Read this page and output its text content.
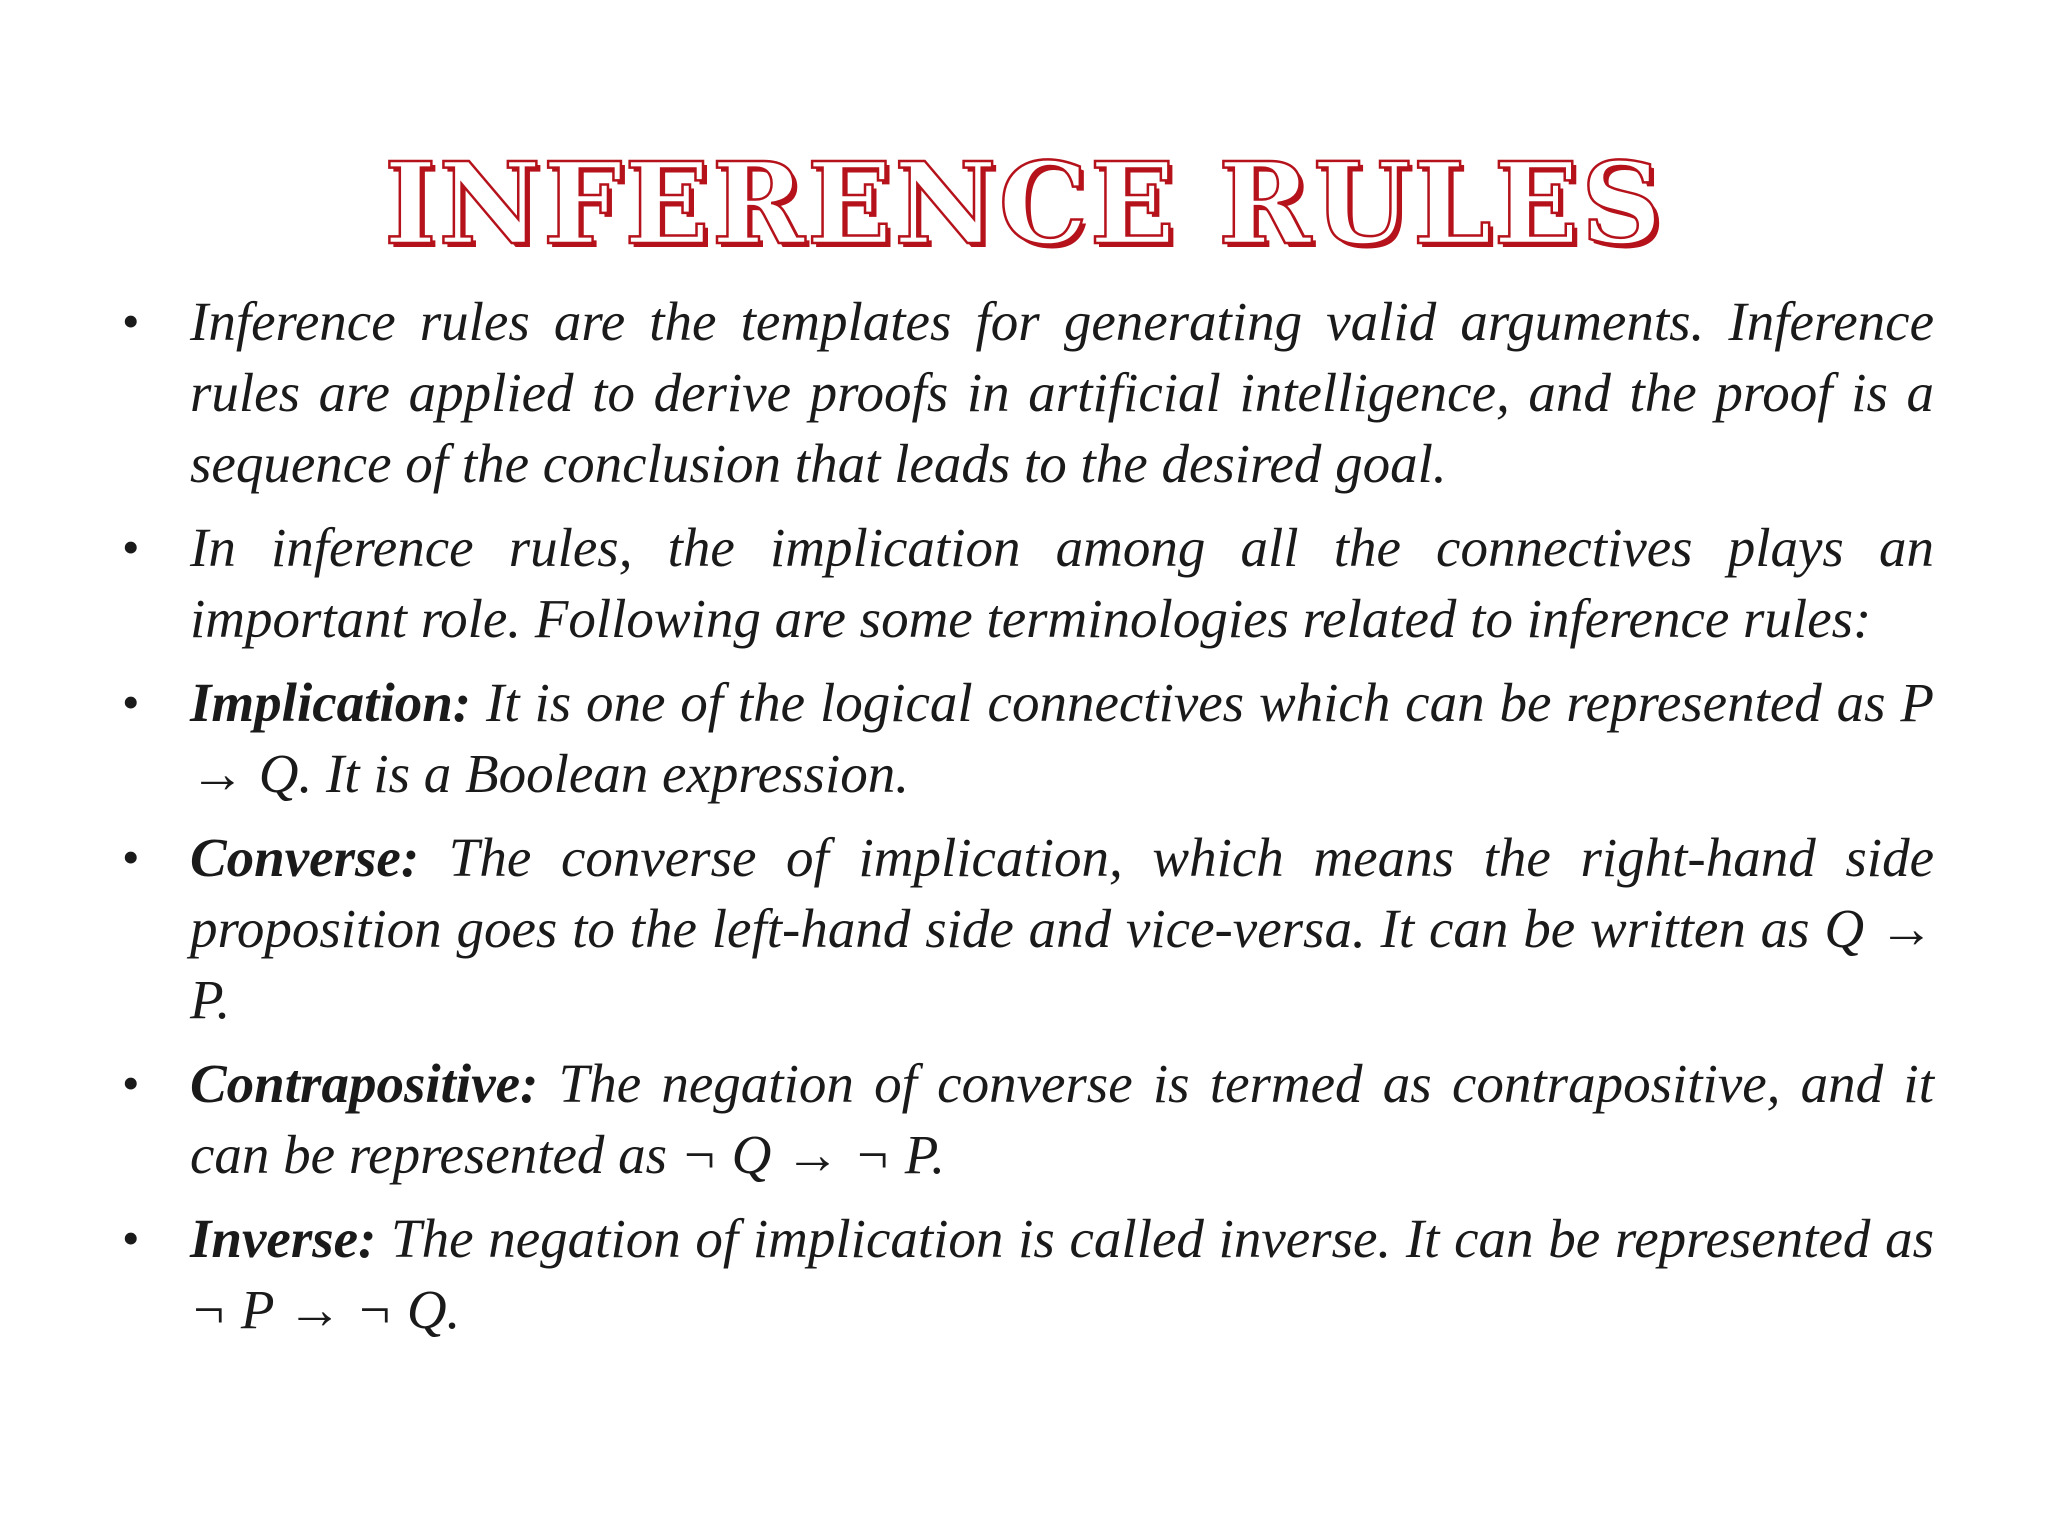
INFERENCE RULES
• Inference rules are the templates for generating valid arguments. Inference rules are applied to derive proofs in artificial intelligence, and the proof is a sequence of the conclusion that leads to the desired goal.
• In inference rules, the implication among all the connectives plays an important role. Following are some terminologies related to inference rules:
• Implication: It is one of the logical connectives which can be represented as P → Q. It is a Boolean expression.
• Converse: The converse of implication, which means the right-hand side proposition goes to the left-hand side and vice-versa. It can be written as Q → P.
• Contrapositive: The negation of converse is termed as contrapositive, and it can be represented as ¬ Q → ¬ P.
• Inverse: The negation of implication is called inverse. It can be represented as ¬ P → ¬ Q.
